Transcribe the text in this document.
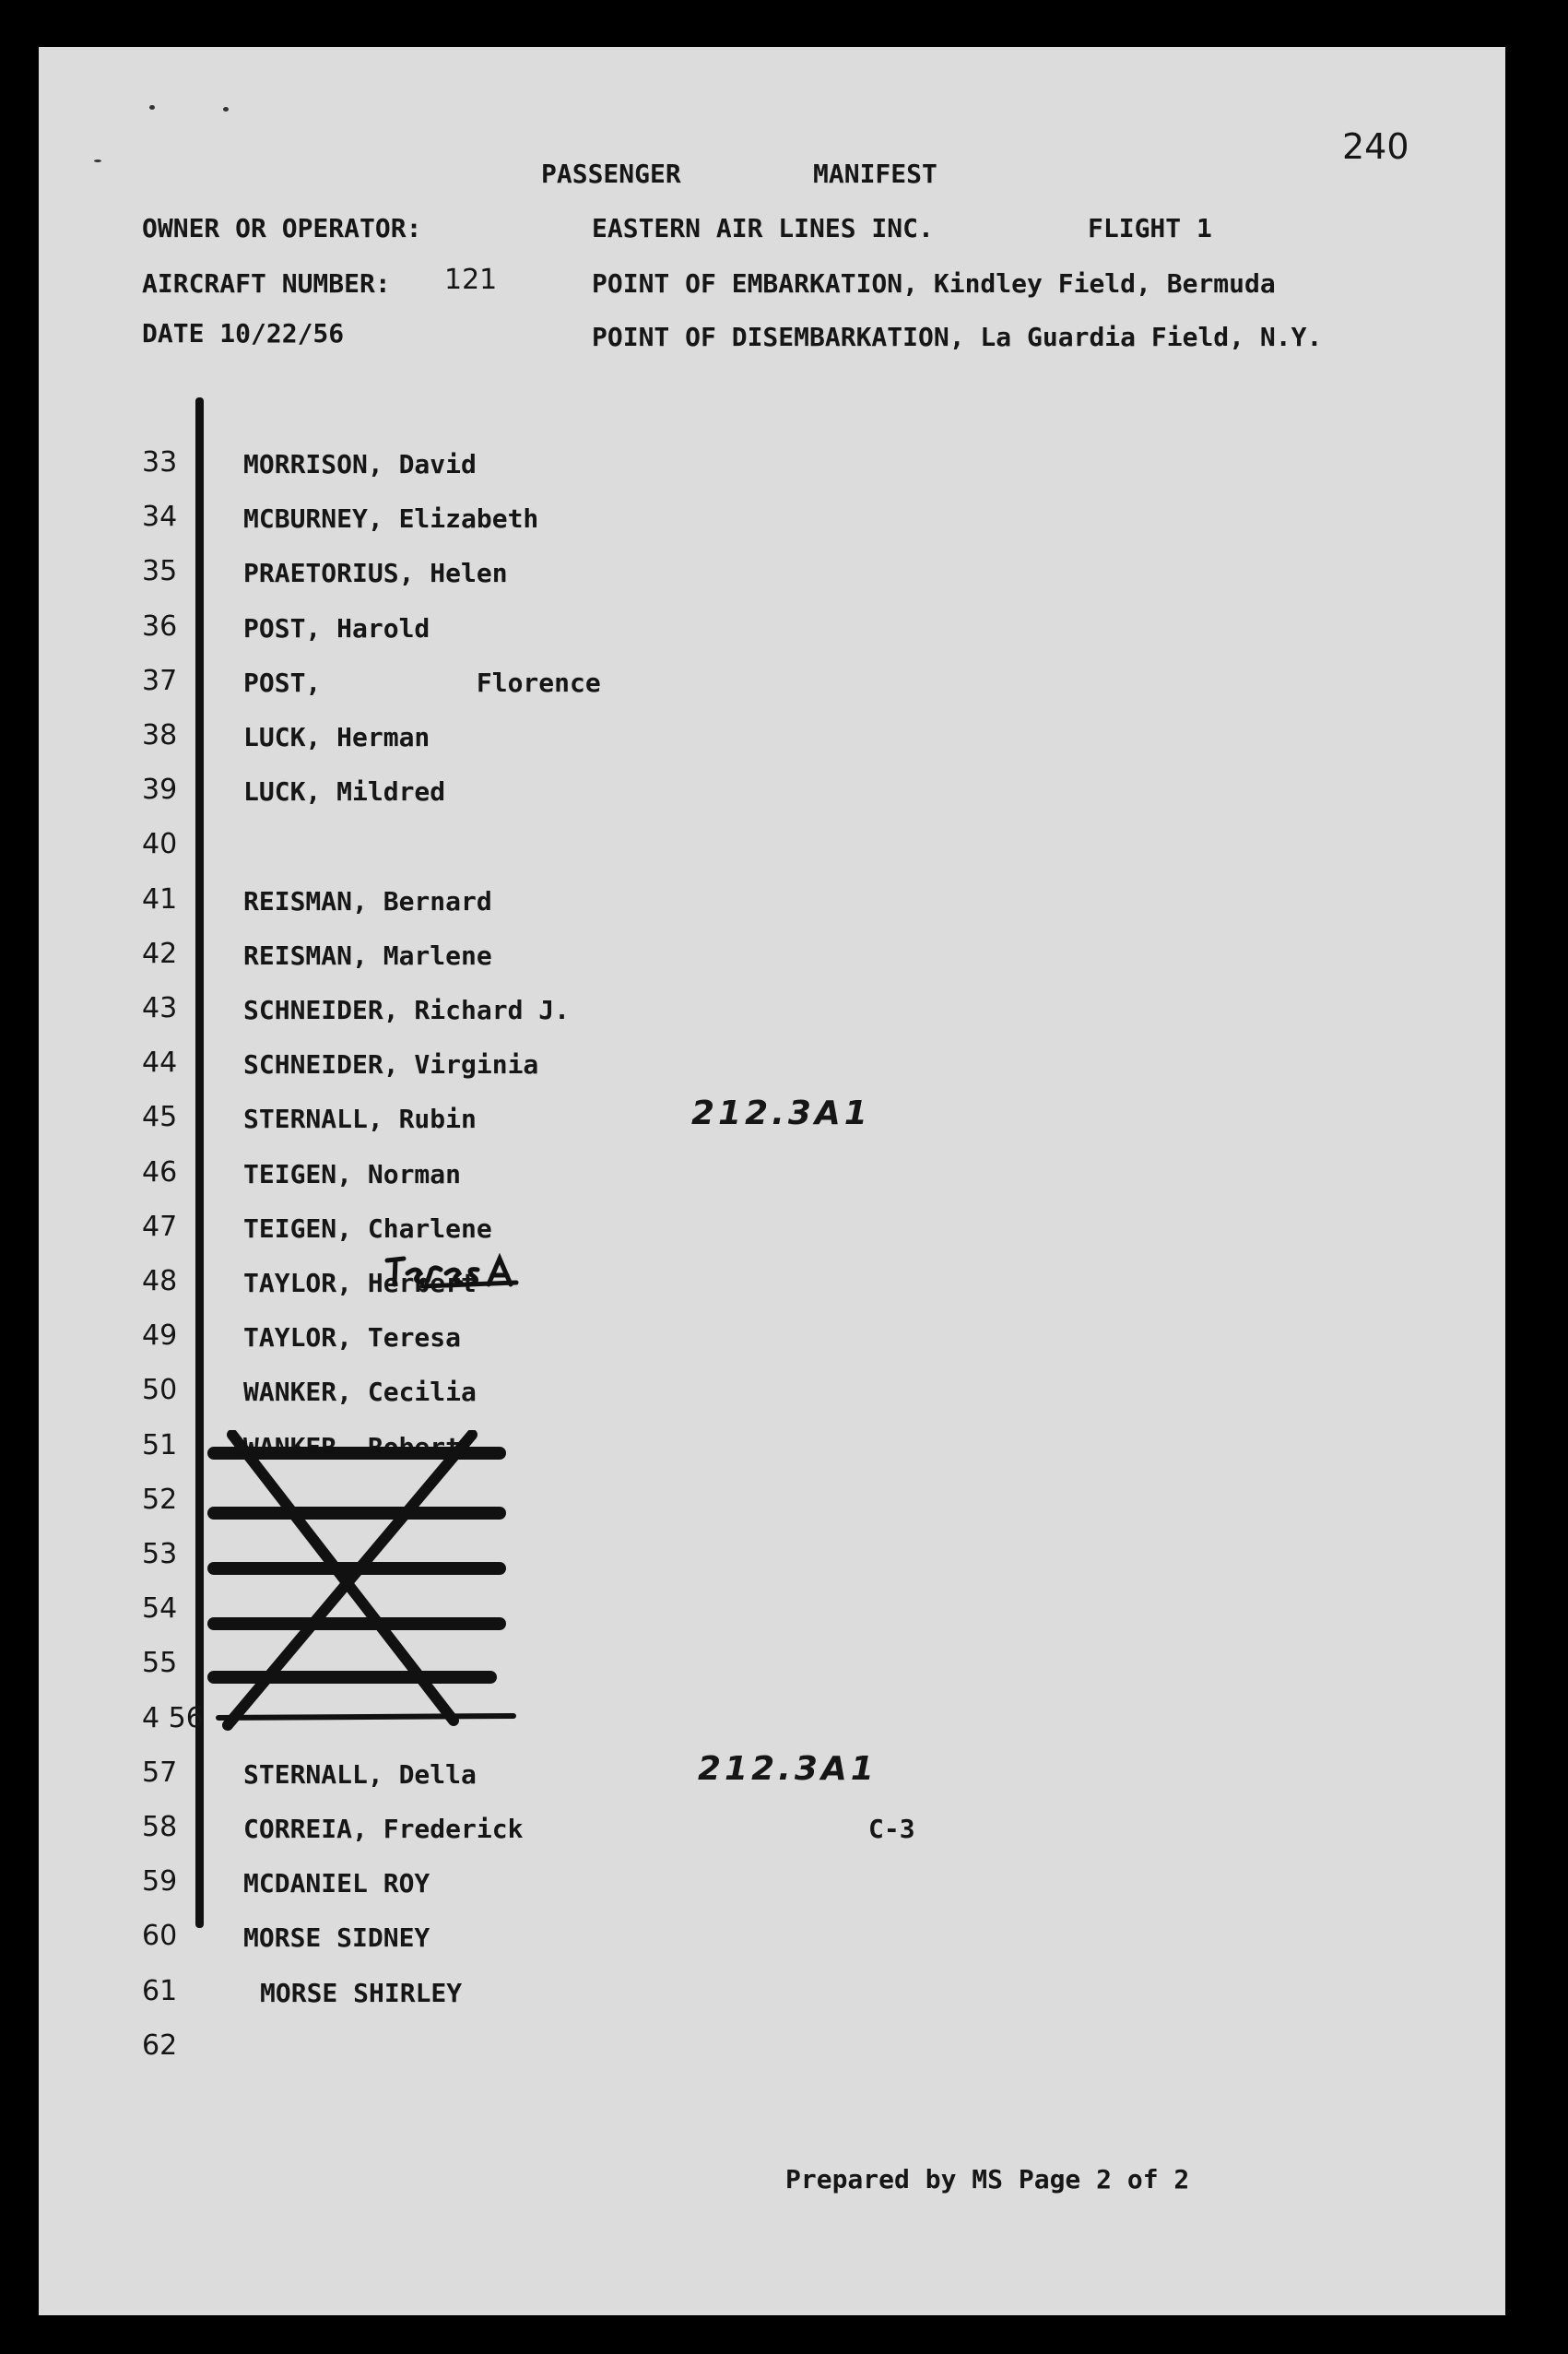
240
PASSENGER	MANIFEST
OWNER OR OPERATOR:	EASTERN AIR LINES INC.	FLIGHT 1
AIRCRAFT NUMBER: 121	POINT OF EMBARKATION, Kindley Field, Bermuda
DATE 10/22/56	POINT OF DISEMBARKATION, La Guardia Field, N.Y.
33	MORRISON, David
34	MCBURNEY, Elizabeth
35	PRAETORIUS, Helen
36	POST, Harold
37	POST,          Florence
38	LUCK, Herman
39	LUCK, Mildred
40
41	REISMAN, Bernard
42	REISMAN, Marlene
43	SCHNEIDER, Richard J.
44	SCHNEIDER, Virginia
45	STERNALL, Rubin	212.3A1
46	TEIGEN, Norman
47	TEIGEN, Charlene
48	TAYLOR, Herbert
49	TAYLOR, Teresa
50	WANKER, Cecilia
51	WANKER, Robert
52
53
54
55
4 56
57	STERNALL, Della	212.3A1
58	CORREIA, Frederick	C-3
59	MCDANIEL ROY
60	MORSE SIDNEY
61	MORSE SHIRLEY
62
Prepared by MS Page 2 of 2
